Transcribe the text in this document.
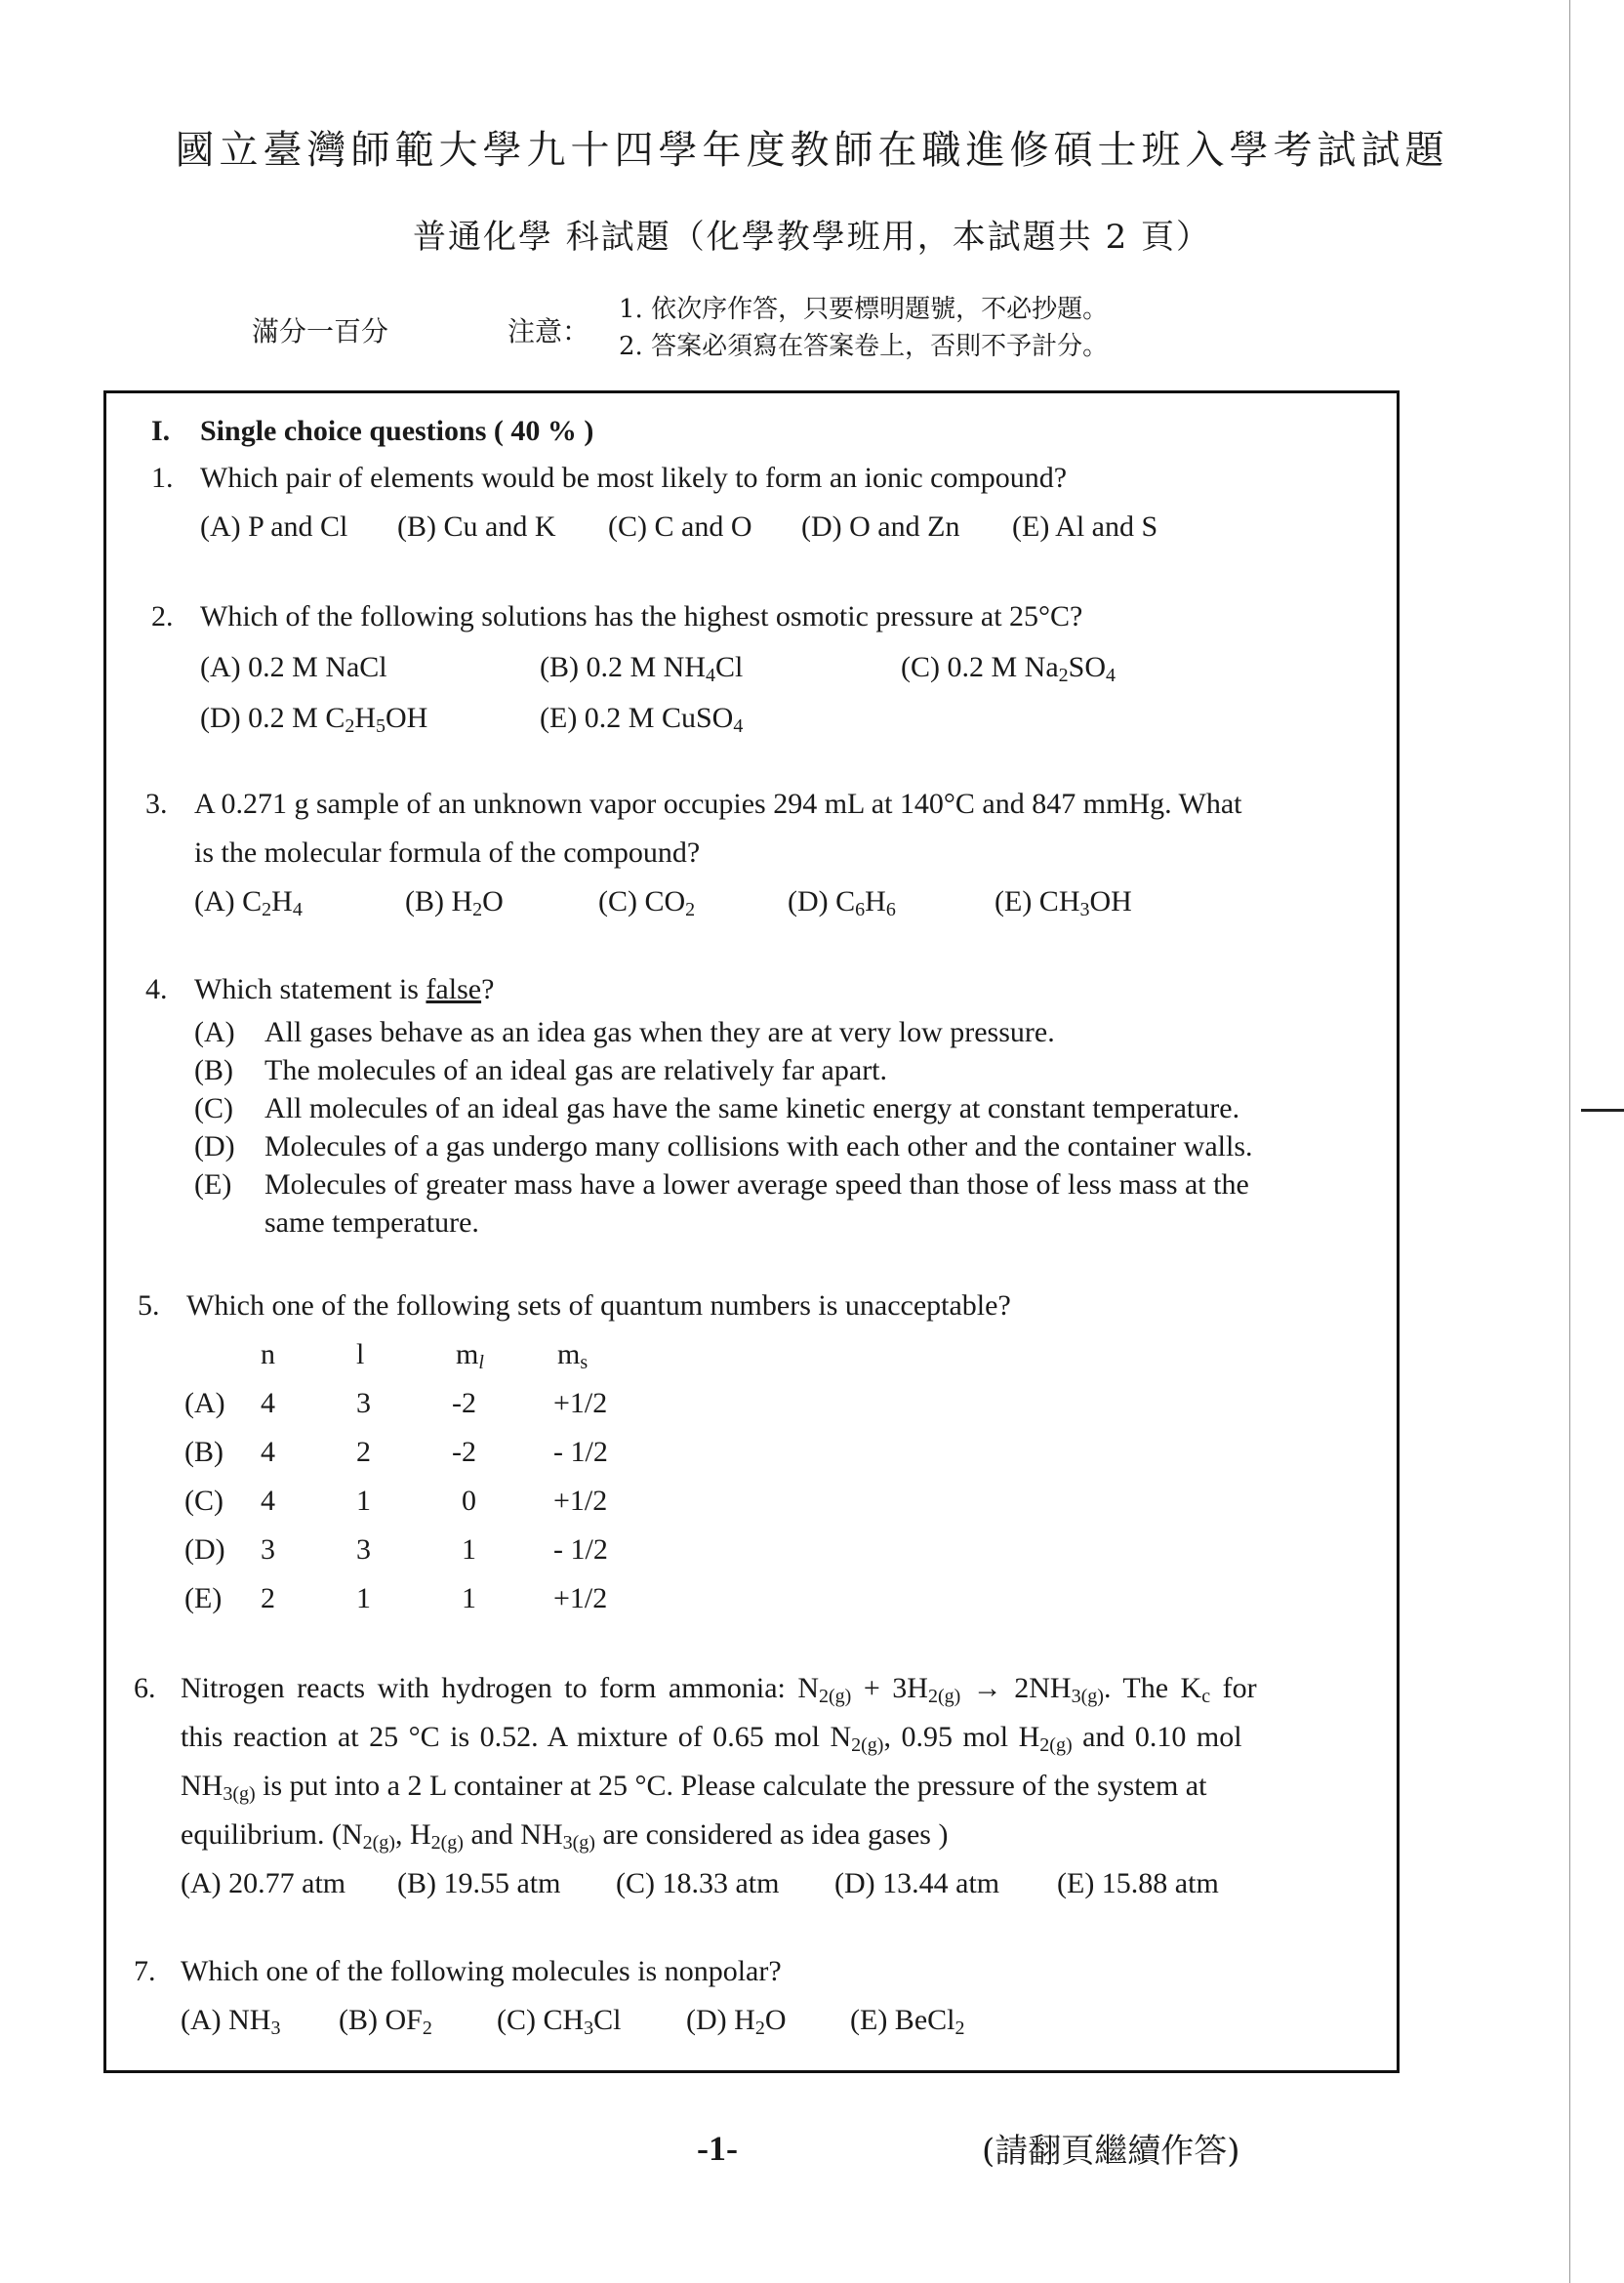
國立臺灣師範大學九十四學年度教師在職進修碩士班入學考試試題
普通化學 科試題（化學教學班用，本試題共 2 頁）
滿分一百分	注意：
1. 依次序作答，只要標明題號，不必抄題。
2. 答案必須寫在答案卷上，否則不予計分。
I. Single choice questions ( 40 % )
1. Which pair of elements would be most likely to form an ionic compound?
(A) P and Cl (B) Cu and K (C) C and O (D) O and Zn (E) Al and S
2. Which of the following solutions has the highest osmotic pressure at 25°C?
(A) 0.2 M NaCl	(B) 0.2 M $NH_4Cl$	(C) 0.2 M $Na_2SO_4$
(D) 0.2 M $C_2H_5OH$	(E) 0.2 M CuSO$_4$
3. A 0.271 g sample of an unknown vapor occupies 294 mL at 140°C and 847 mmHg. What
is the molecular formula of the compound?
(A) $C_2H_4$	(B) $H_2O$	(C) $CO_2$	(D) $C_6H_6$	(E) $CH_3OH$
4. Which statement is false?
(A) All gases behave as an idea gas when they are at very low pressure.
(B) The molecules of an ideal gas are relatively far apart.
(C) All molecules of an ideal gas have the same kinetic energy at constant temperature.
(D) Molecules of a gas undergo many collisions with each other and the container walls.
(E) Molecules of greater mass have a lower average speed than those of less mass at the
same temperature.
5. Which one of the following sets of quantum numbers is unacceptable?
n	l	$m_l$	$m_s$
(A) 4	3	-2	+1/2
(B) 4	2	-2	- 1/2
(C) 4	1	0	+1/2
(D) 3	3	1	- 1/2
(E) 2	1	1	+1/2
6. Nitrogen reacts with hydrogen to form ammonia: $N_{2(g)} + 3H_{2(g)} \to 2NH_{3(g)}$. The $K_c$ for
this reaction at 25 °C is 0.52. A mixture of 0.65 mol $N_{2(g)}$, 0.95 mol $H_{2(g)}$ and 0.10 mol
$NH_{3(g)}$ is put into a 2 L container at 25 °C. Please calculate the pressure of the system at
equilibrium. ($N_{2(g)}$, $H_{2(g)}$ and $NH_{3(g)}$ are considered as idea gases )
(A) 20.77 atm (B) 19.55 atm (C) 18.33 atm (D) 13.44 atm (E) 15.88 atm
7. Which one of the following molecules is nonpolar?
(A) $NH_3$ (B) $OF_2$ (C) $CH_3Cl$ (D) $H_2O$ (E) BeCl$_2$
-1-	(請翻頁繼續作答)
